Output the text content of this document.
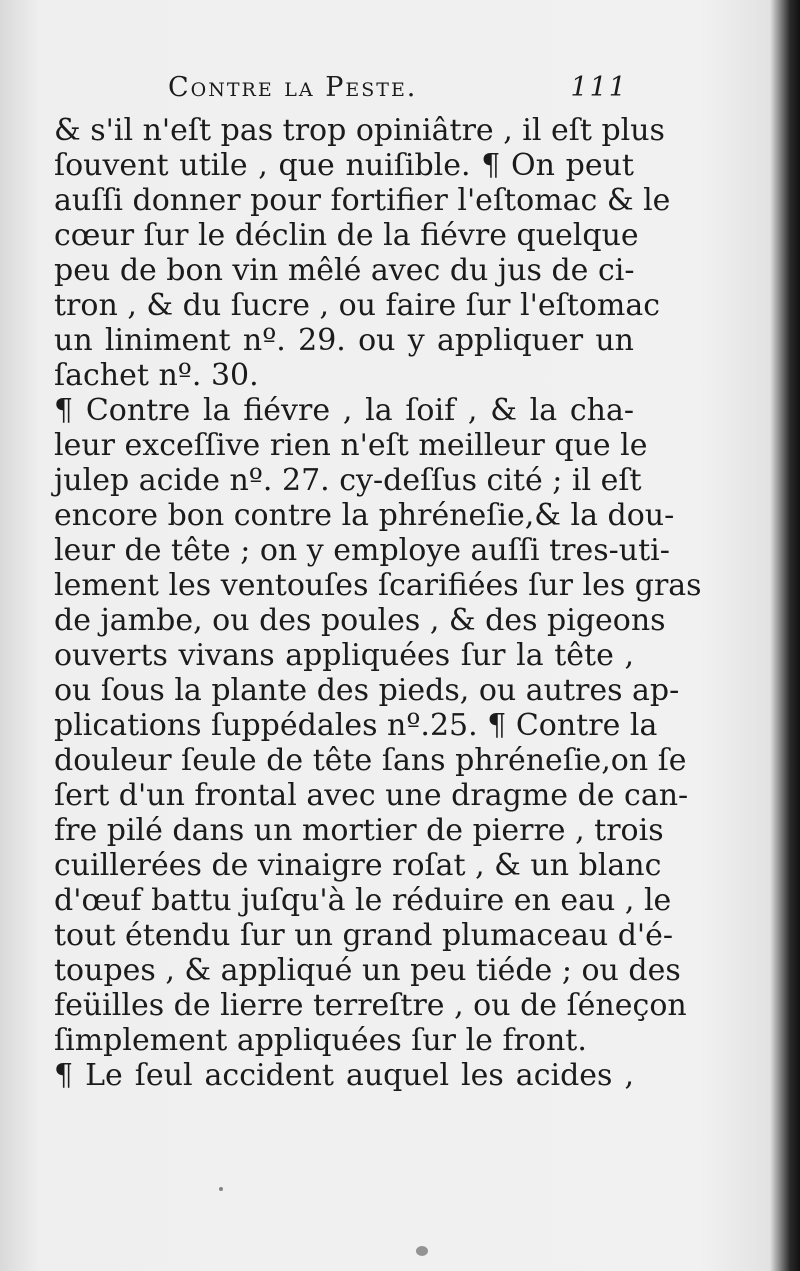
Contre la Peste.	111
& s'il n'eſt pas trop opiniâtre , il eſt plus
ſouvent utile , que nuiſible. ¶ On peut
auſſi donner pour fortifier l'eſtomac & le
cœur ſur le déclin de la fiévre quelque
peu de bon vin mêlé avec du jus de ci-
tron , & du ſucre , ou faire ſur l'eſtomac
un liniment nº. 29. ou y appliquer un
ſachet nº. 30.
¶ Contre la fiévre , la ſoif , & la cha-
leur exceſſive rien n'eſt meilleur que le
julep acide nº. 27. cy-deſſus cité ; il eſt
encore bon contre la phréneſie,& la dou-
leur de tête ; on y employe auſſi tres-uti-
lement les ventouſes ſcarifiées ſur les gras
de jambe, ou des poules , & des pigeons
ouverts vivans appliquées ſur la tête ,
ou ſous la plante des pieds, ou autres ap-
plications ſuppédales nº.25. ¶ Contre la
douleur ſeule de tête ſans phréneſie,on ſe
ſert d'un frontal avec une dragme de can-
fre pilé dans un mortier de pierre , trois
cuillerées de vinaigre roſat , & un blanc
d'œuf battu juſqu'à le réduire en eau , le
tout étendu ſur un grand plumaceau d'é-
toupes , & appliqué un peu tiéde ; ou des
feüilles de lierre terreſtre , ou de ſéneçon
ſimplement appliquées ſur le front.
¶ Le ſeul accident auquel les acides ,
